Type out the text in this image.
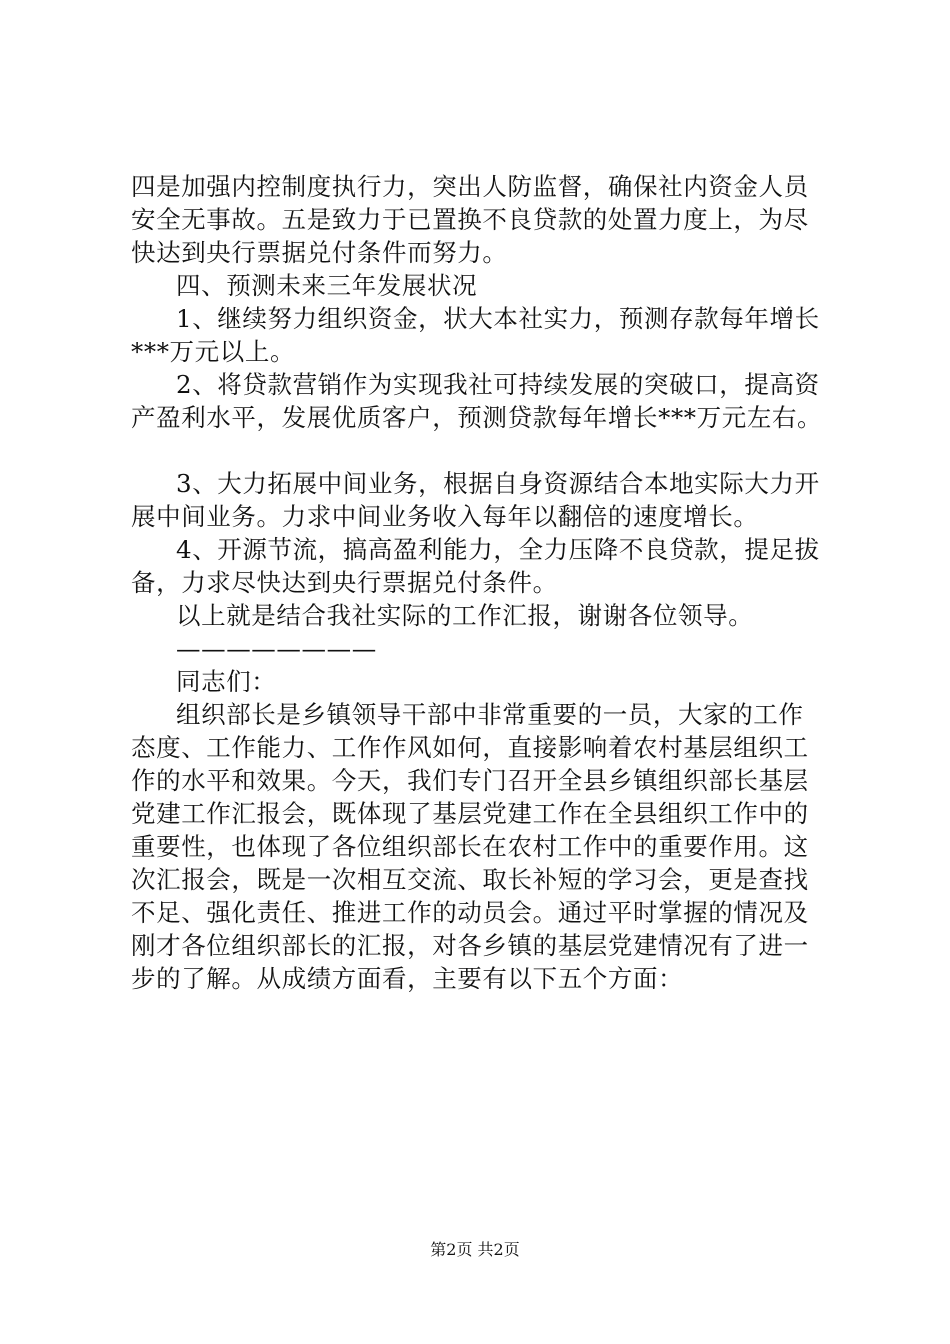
四是加强内控制度执行力，突出人防监督，确保社内资金人员
安全无事故。五是致力于已置换不良贷款的处置力度上，为尽
快达到央行票据兑付条件而努力。
四、预测未来三年发展状况
1、继续努力组织资金，状大本社实力，预测存款每年增长
***万元以上。
2、将贷款营销作为实现我社可持续发展的突破口，提高资
产盈利水平，发展优质客户，预测贷款每年增长***万元左右。
3、大力拓展中间业务，根据自身资源结合本地实际大力开
展中间业务。力求中间业务收入每年以翻倍的速度增长。
4、开源节流，搞高盈利能力，全力压降不良贷款，提足拔
备，力求尽快达到央行票据兑付条件。
以上就是结合我社实际的工作汇报，谢谢各位领导。
————————
同志们：
组织部长是乡镇领导干部中非常重要的一员，大家的工作
态度、工作能力、工作作风如何，直接影响着农村基层组织工
作的水平和效果。今天，我们专门召开全县乡镇组织部长基层
党建工作汇报会，既体现了基层党建工作在全县组织工作中的
重要性，也体现了各位组织部长在农村工作中的重要作用。这
次汇报会，既是一次相互交流、取长补短的学习会，更是查找
不足、强化责任、推进工作的动员会。通过平时掌握的情况及
刚才各位组织部长的汇报，对各乡镇的基层党建情况有了进一
步的了解。从成绩方面看，主要有以下五个方面：
第2页 共2页
